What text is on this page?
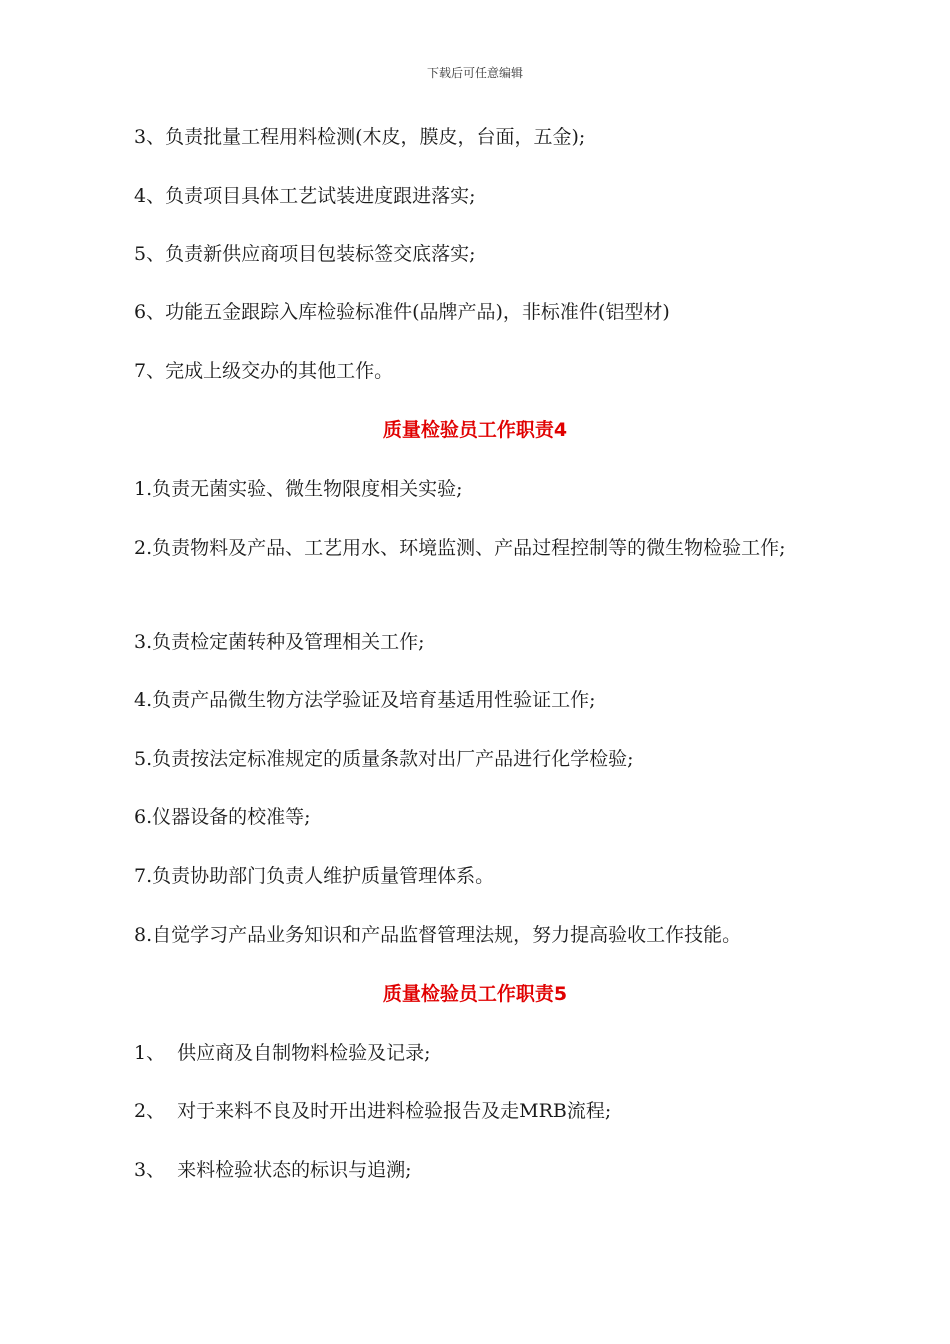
下载后可任意编辑
3、负责批量工程用料检测(木皮，膜皮，台面，五金);
4、负责项目具体工艺试装进度跟进落实;
5、负责新供应商项目包装标签交底落实;
6、功能五金跟踪入库检验标准件(品牌产品)，非标准件(铝型材)
7、完成上级交办的其他工作。
质量检验员工作职责4
1.负责无菌实验、微生物限度相关实验;
2.负责物料及产品、工艺用水、环境监测、产品过程控制等的微生物检验工作;
3.负责检定菌转种及管理相关工作;
4.负责产品微生物方法学验证及培育基适用性验证工作;
5.负责按法定标准规定的质量条款对出厂产品进行化学检验;
6.仪器设备的校准等;
7.负责协助部门负责人维护质量管理体系。
8.自觉学习产品业务知识和产品监督管理法规，努力提高验收工作技能。
质量检验员工作职责5
1、  供应商及自制物料检验及记录;
2、  对于来料不良及时开出进料检验报告及走MRB流程;
3、  来料检验状态的标识与追溯;
